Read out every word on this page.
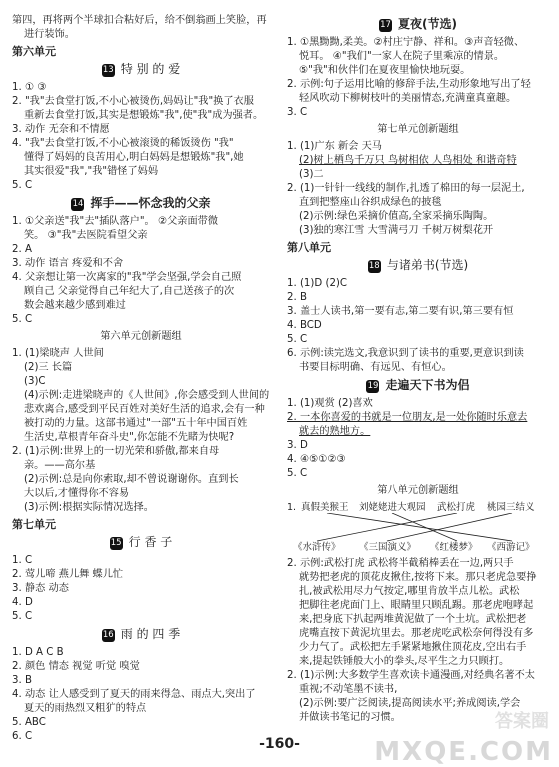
第四，再将两个半球扣合粘好后，给不倒翁画上笑脸，再
进行装饰。
第六单元
13 特 别 的 爱
1. ① ③
2. "我"去食堂打饭,不小心被烫伤,妈妈让"我"换了衣服
重新去食堂打饭,其实是想锻炼"我",使"我"成为强者。
3. 动作 无奈和不情愿
4. "我"去食堂打饭,不小心被滚烫的稀饭烫伤 "我"
懂得了妈妈的良苦用心,明白妈妈是想锻炼"我",她
其实很爱"我","我"错怪了妈妈
5. C
14 挥手——怀念我的父亲
1. ①父亲送"我"去"插队落户"。 ②父亲面带微
笑。 ③"我"去医院看望父亲
2. A
3. 动作 语言 疼爱和不舍
4. 父亲想让第一次离家的"我"学会坚强,学会自己照
顾自己 父亲觉得自己年纪大了,自己送孩子的次
数会越来越少感到难过
5. C
第六单元创新题组
1. (1)梁晓声 人世间
(2)三 长篇
(3)C
(4)示例:走进梁晓声的《人世间》,你会感受到人世间的
悲欢离合,感受到平民百姓对美好生活的追求,会有一种
被打动的力量。这部书通过"一部"五十年中国百姓
生活史,草根青年奋斗史",你怎能不先睹为快呢?
2. (1)示例:世界上的一切光荣和骄傲,都来自母
亲。——高尔基
(2)示例:总是向你索取,却不曾说谢谢你。直到长
大以后,才懂得你不容易
(3)示例:根据实际情况选择。
第七单元
15 行 香 子
1. C
2. 莺儿啼 燕儿舞 蝶儿忙
3. 静态 动态
4. D
5. C
16 雨 的 四 季
1. D A C B
2. 颜色 情态 视觉 听觉 嗅觉
3. B
4. 动态 让人感受到了夏天的雨来得急、雨点大,突出了
夏天的雨热烈又粗犷的特点
5. ABC
6. C
17 夏夜(节选)
1. ①黑黝黝,柔美。②村庄宁静、祥和。③声音轻微、
悦耳。 ④"我们"一家人在院子里乘凉的情景。
⑤"我"和伙伴们在夏夜里愉快地玩耍。
2. 示例:句子运用比喻的修辞手法,生动形象地写出了轻
轻风吹动下柳树枝叶的美丽情态,充满童真童趣。
3. C
第七单元创新题组
1. (1)广东 新会 天马
(2)树上栖鸟千万只 鸟树相依 人鸟相处 和谐奇特
(3)二
2. (1)一针针一线线的制作,扎透了棉田的每一层泥土,
直到把整座山谷织成绿色的披毯
(2)示例:绿色采摘价值高,全家采摘乐陶陶。
(3)独的寒江雪 大雪满弓刀 千树万树梨花开
第八单元
18 与诸弟书(节选)
1. (1)D (2)C
2. B
3. 盖士人读书,第一要有志,第二要有识,第三要有恒
4. BCD
5. C
6. 示例:读完选文,我意识到了读书的重要,更意识到读
书要目标明确、有远见、有恒心。
19 走遍天下书为侣
1. (1)观赏 (2)喜欢
2. 一本你喜爱的书就是一位朋友,是一处你随时乐意去
就去的熟地方。
3. D
4. ④⑤①②③
5. C
第八单元创新题组
1. 真假美猴王 刘姥姥进大观园 武松打虎 桃园三结义
《水浒传》 《三国演义》 《红楼梦》 《西游记》
2. 示例:武松打虎 武松将半截稍棒丢在一边,两只手
就势把老虎的顶花皮揪住,按将下来。那只老虎急要挣
扎,被武松用尽力气按定,哪里肯放半点儿松。武松
把脚往老虎面门上、眼睛里只顾乱踢。那老虎咆哮起
来,把身底下扒起两堆黄泥做了一个土坑。武松把老
虎嘴直按下黄泥坑里去。那老虎吃武松奈何得没有多
少力气了。武松把左手紧紧地揪住顶花皮,空出右手
来,提起铁锤般大小的拳头,尽平生之力只顾打。
2. (1)示例:大多数学生喜欢读卡通漫画,对经典名著不太
重视;不动笔墨不读书,
(2)示例:要广泛阅读,提高阅读水平;养成阅读,学会
并做读书笔记的习惯。
-160-
答案圈
MXQE.COM
